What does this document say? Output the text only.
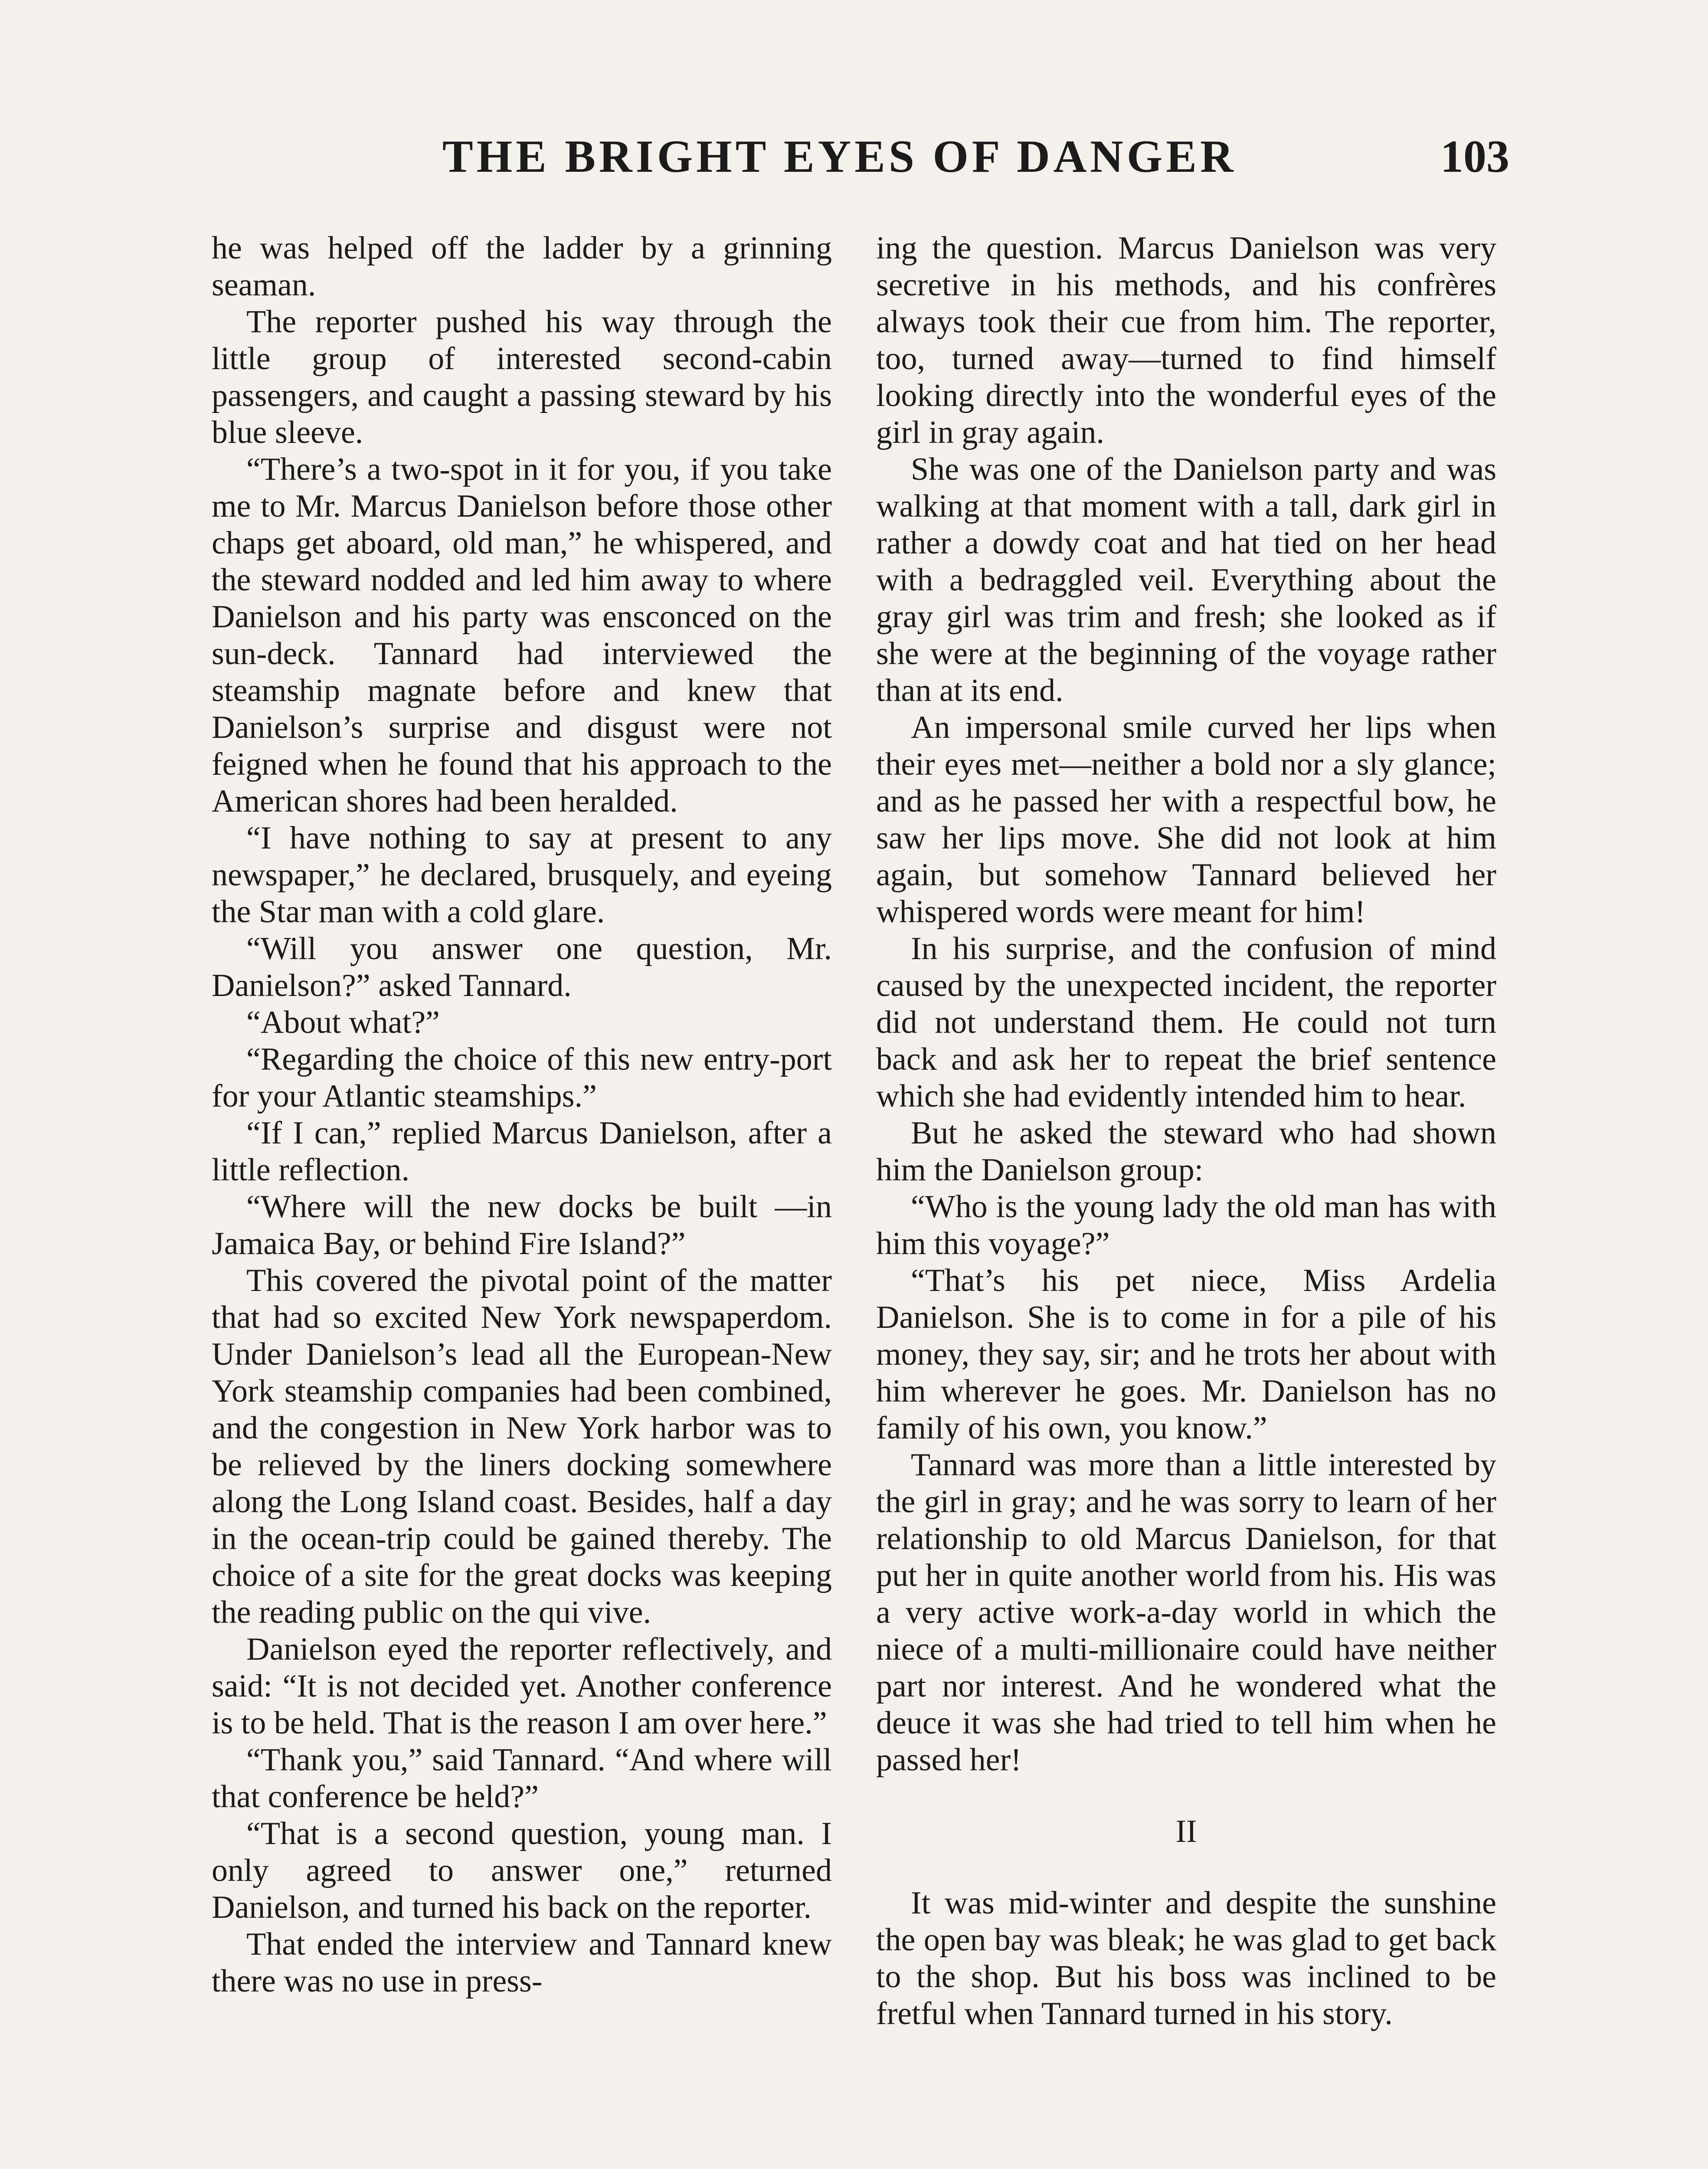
THE BRIGHT EYES OF DANGER	103

he was helped off the ladder by a grinning seaman.

The reporter pushed his way through the little group of interested second-cabin passengers, and caught a passing steward by his blue sleeve.

“There’s a two-spot in it for you, if you take me to Mr. Marcus Danielson before those other chaps get aboard, old man,” he whispered, and the steward nodded and led him away to where Danielson and his party was ensconced on the sun-deck. Tannard had interviewed the steamship magnate before and knew that Danielson’s surprise and disgust were not feigned when he found that his approach to the American shores had been heralded.

“I have nothing to say at present to any newspaper,” he declared, brusquely, and eyeing the Star man with a cold glare.

“Will you answer one question, Mr. Danielson?” asked Tannard.

“About what?”

“Regarding the choice of this new entry-port for your Atlantic steamships.”

“If I can,” replied Marcus Danielson, after a little reflection.

“Where will the new docks be built —in Jamaica Bay, or behind Fire Island?”

This covered the pivotal point of the matter that had so excited New York newspaperdom. Under Danielson’s lead all the European-New York steamship companies had been combined, and the congestion in New York harbor was to be relieved by the liners docking somewhere along the Long Island coast. Besides, half a day in the ocean-trip could be gained thereby. The choice of a site for the great docks was keeping the reading public on the qui vive.

Danielson eyed the reporter reflectively, and said: “It is not decided yet. Another conference is to be held. That is the reason I am over here.”

“Thank you,” said Tannard. “And where will that conference be held?”

“That is a second question, young man. I only agreed to answer one,” returned Danielson, and turned his back on the reporter.

That ended the interview and Tannard knew there was no use in press-

ing the question. Marcus Danielson was very secretive in his methods, and his confrères always took their cue from him. The reporter, too, turned away—turned to find himself looking directly into the wonderful eyes of the girl in gray again.

She was one of the Danielson party and was walking at that moment with a tall, dark girl in rather a dowdy coat and hat tied on her head with a bedraggled veil. Everything about the gray girl was trim and fresh; she looked as if she were at the beginning of the voyage rather than at its end.

An impersonal smile curved her lips when their eyes met—neither a bold nor a sly glance; and as he passed her with a respectful bow, he saw her lips move. She did not look at him again, but somehow Tannard believed her whispered words were meant for him!

In his surprise, and the confusion of mind caused by the unexpected incident, the reporter did not understand them. He could not turn back and ask her to repeat the brief sentence which she had evidently intended him to hear.

But he asked the steward who had shown him the Danielson group:

“Who is the young lady the old man has with him this voyage?”

“That’s his pet niece, Miss Ardelia Danielson. She is to come in for a pile of his money, they say, sir; and he trots her about with him wherever he goes. Mr. Danielson has no family of his own, you know.”

Tannard was more than a little interested by the girl in gray; and he was sorry to learn of her relationship to old Marcus Danielson, for that put her in quite another world from his. His was a very active work-a-day world in which the niece of a multi-millionaire could have neither part nor interest. And he wondered what the deuce it was she had tried to tell him when he passed her!

II

It was mid-winter and despite the sunshine the open bay was bleak; he was glad to get back to the shop. But his boss was inclined to be fretful when Tannard turned in his story.
